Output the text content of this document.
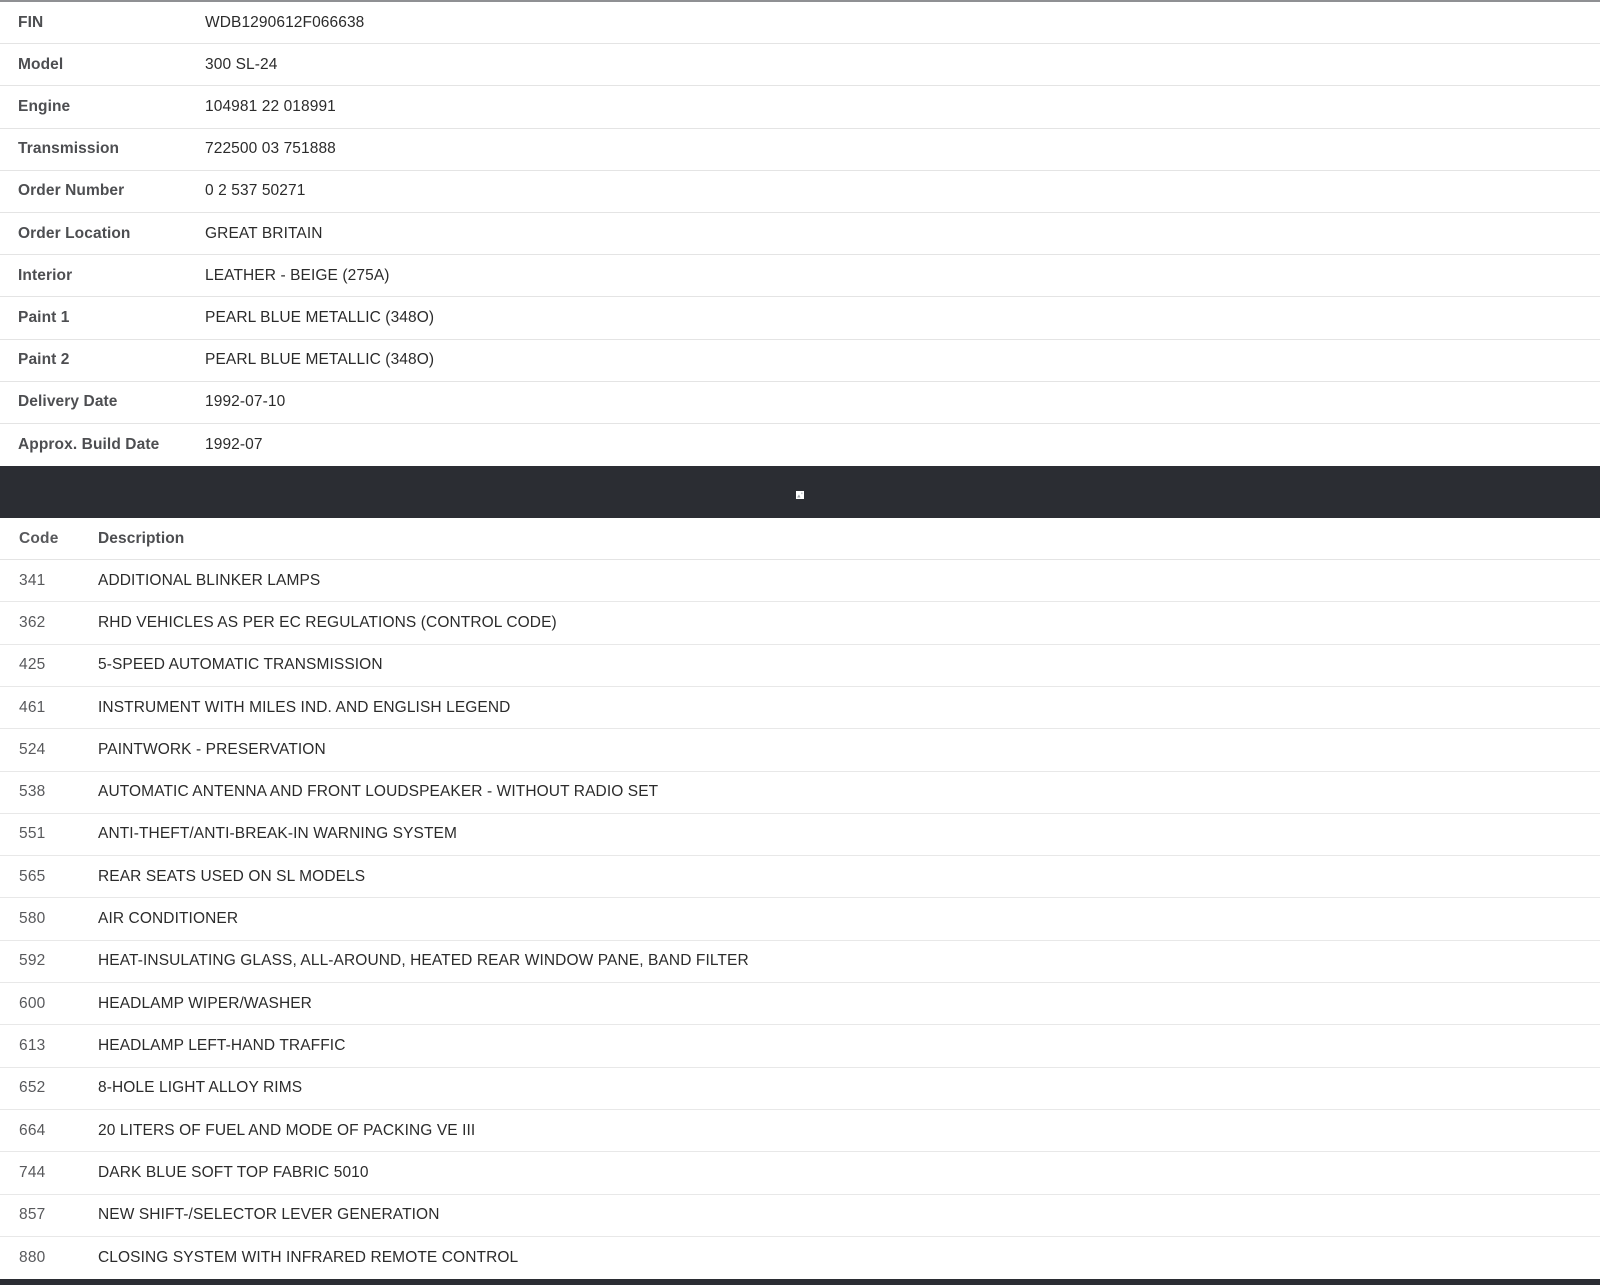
FIN	WDB1290612F066638
Model	300 SL-24
Engine	104981 22 018991
Transmission	722500 03 751888
Order Number	0 2 537 50271
Order Location	GREAT BRITAIN
Interior	LEATHER - BEIGE (275A)
Paint 1	PEARL BLUE METALLIC (348O)
Paint 2	PEARL BLUE METALLIC (348O)
Delivery Date	1992-07-10
Approx. Build Date	1992-07
Code	Description
341	ADDITIONAL BLINKER LAMPS
362	RHD VEHICLES AS PER EC REGULATIONS (CONTROL CODE)
425	5-SPEED AUTOMATIC TRANSMISSION
461	INSTRUMENT WITH MILES IND. AND ENGLISH LEGEND
524	PAINTWORK - PRESERVATION
538	AUTOMATIC ANTENNA AND FRONT LOUDSPEAKER - WITHOUT RADIO SET
551	ANTI-THEFT/ANTI-BREAK-IN WARNING SYSTEM
565	REAR SEATS USED ON SL MODELS
580	AIR CONDITIONER
592	HEAT-INSULATING GLASS, ALL-AROUND, HEATED REAR WINDOW PANE, BAND FILTER
600	HEADLAMP WIPER/WASHER
613	HEADLAMP LEFT-HAND TRAFFIC
652	8-HOLE LIGHT ALLOY RIMS
664	20 LITERS OF FUEL AND MODE OF PACKING VE III
744	DARK BLUE SOFT TOP FABRIC 5010
857	NEW SHIFT-/SELECTOR LEVER GENERATION
880	CLOSING SYSTEM WITH INFRARED REMOTE CONTROL
